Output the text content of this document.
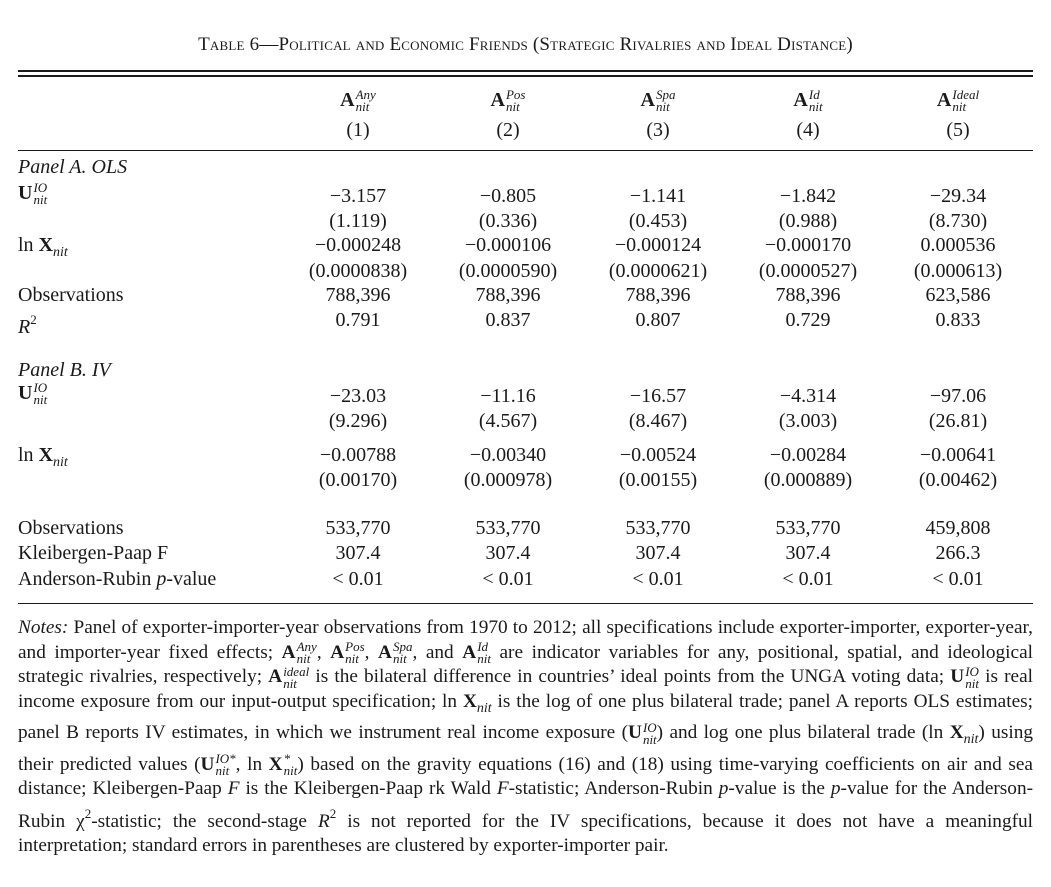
Table 6—Political and Economic Friends (Strategic Rivalries and Ideal Distance)
A Any
nit	A Pos
nit	A Spa
nit	A Id
nit	A Ideal
nit
(1)	(2)	(3)	(4)	(5)
Panel A. OLS
U IO
nit	−3.157	−0.805	−1.141	−1.842	−29.34
(1.119)	(0.336)	(0.453)	(0.988)	(8.730)
$\ln X_{nit}$	−0.000248	−0.000106	−0.000124	−0.000170	0.000536
(0.0000838)	(0.0000590)	(0.0000621)	(0.0000527)	(0.000613)
Observations	788,396	788,396	788,396	788,396	623,586
$R^2$	0.791	0.837	0.807	0.729	0.833
Panel B. IV
U IO
nit	−23.03	−11.16	−16.57	−4.314	−97.06
(9.296)	(4.567)	(8.467)	(3.003)	(26.81)
$\ln X_{nit}$	−0.00788	−0.00340	−0.00524	−0.00284	−0.00641
(0.00170)	(0.000978)	(0.00155)	(0.000889)	(0.00462)
Observations	533,770	533,770	533,770	533,770	459,808
Kleibergen-Paap F	307.4	307.4	307.4	307.4	266.3
Anderson-Rubin p-value	< 0.01	< 0.01	< 0.01	< 0.01	< 0.01
Notes: Panel of exporter-importer-year observations from 1970 to 2012; all specifications include exporter-importer, exporter-year, and importer-year fixed effects; A Any
nit , A Pos
nit , A Spa
nit , and A Id
nit are indicator variables for any, positional, spatial, and ideological strategic rivalries, respectively; A ideal
nit is the bilateral difference in countries’ ideal points from the UNGA voting data; U IO
nit is real income exposure from our input-output specification; $\ln X_{nit}$ is the log of one plus bilateral trade; panel A reports OLS estimates; panel B reports IV estimates, in which we instrument real income exposure (U IO
nit ) and log one plus bilateral trade (ln $X_{nit}$) using their predicted values (U IO*
nit , ln X *
nit ) based on the gravity equations (16) and (18) using time-varying coefficients on air and sea distance; Kleibergen-Paap F is the Kleibergen-Paap rk Wald F-statistic; Anderson-Rubin p-value is the p-value for the Anderson-Rubin $\chi^2$-statistic; the second-stage $R^2$ is not reported for the IV specifications, because it does not have a meaningful interpretation; standard errors in parentheses are clustered by exporter-importer pair.
